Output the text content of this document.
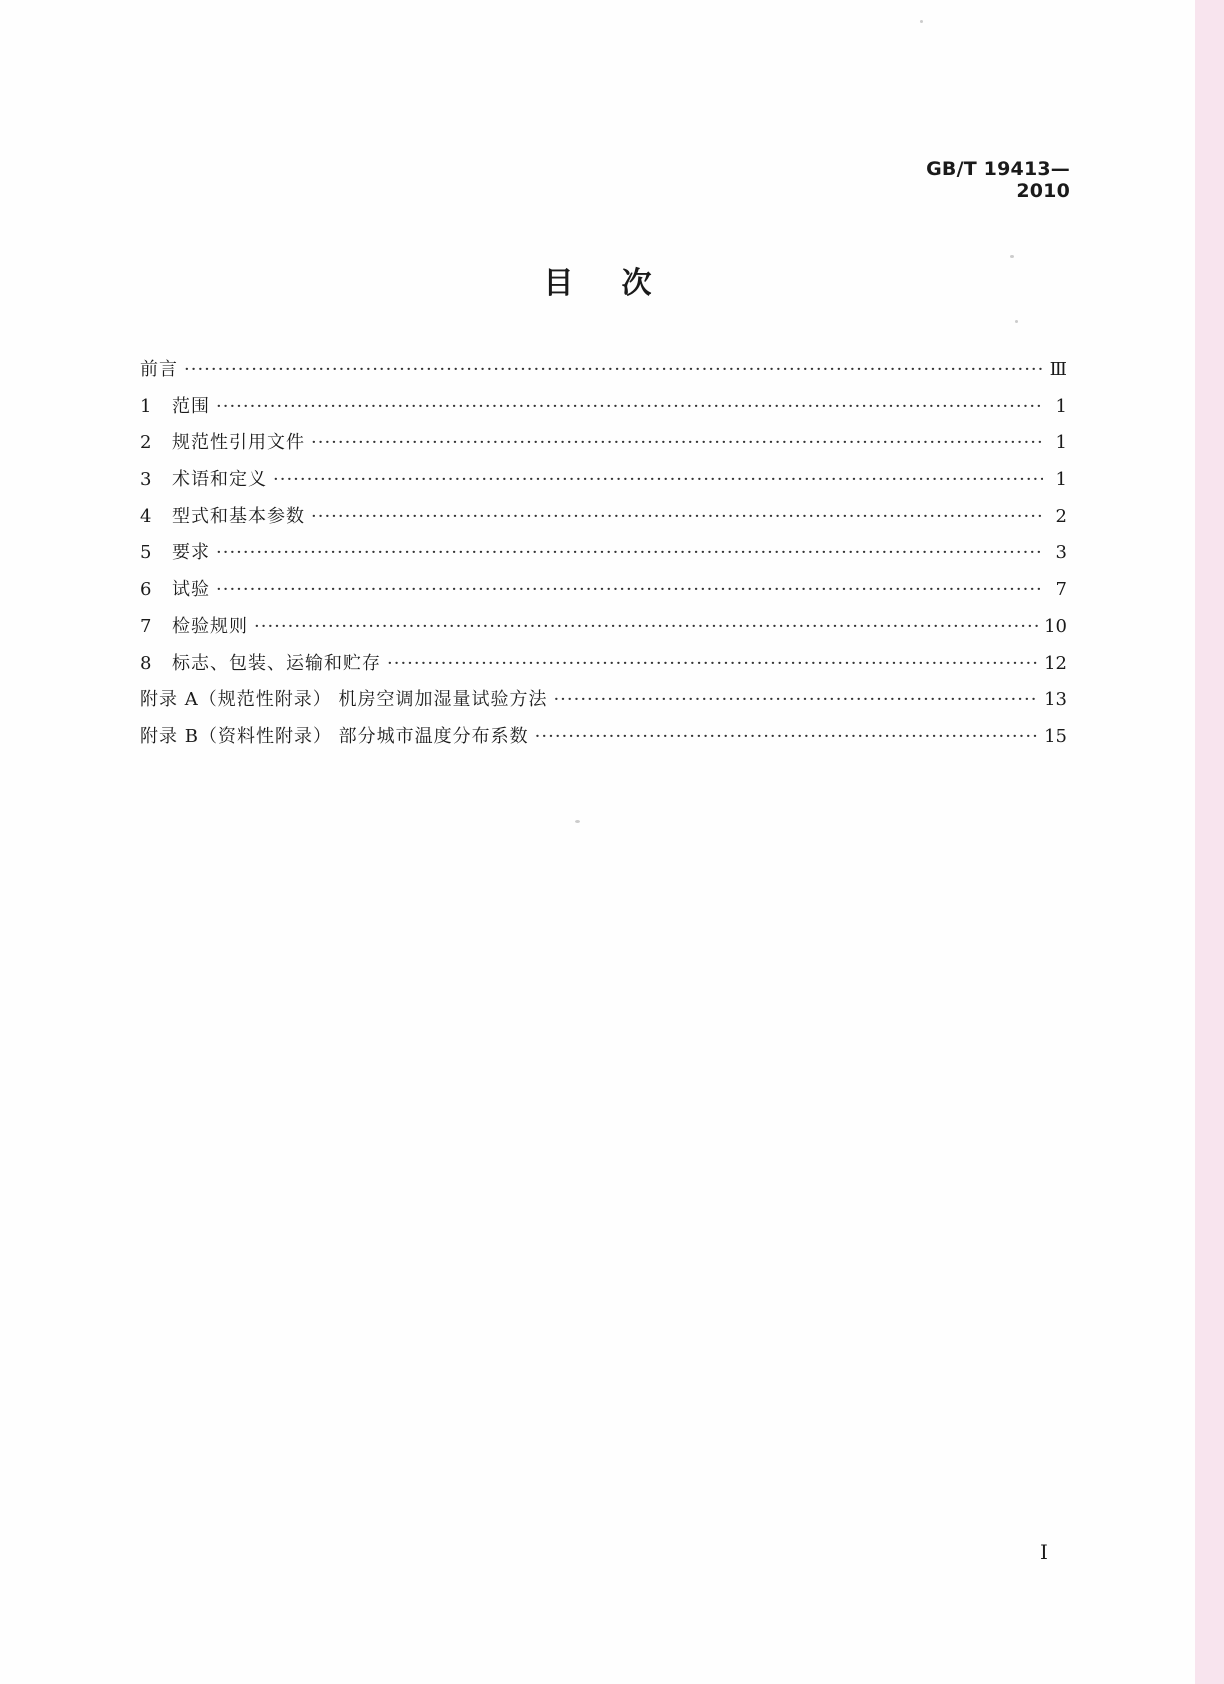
GB/T 19413—2010
目次
前言 ·····	Ⅲ
1	范围 ·····	1
2	规范性引用文件 ·····	1
3	术语和定义 ·····	1
4	型式和基本参数 ·····	2
5	要求 ·····	3
6	试验 ·····	7
7	检验规则 ·····	10
8	标志、包装、运输和贮存 ·····	12
附录 A（规范性附录） 机房空调加湿量试验方法 ·····	13
附录 B（资料性附录） 部分城市温度分布系数 ·····	15
I
